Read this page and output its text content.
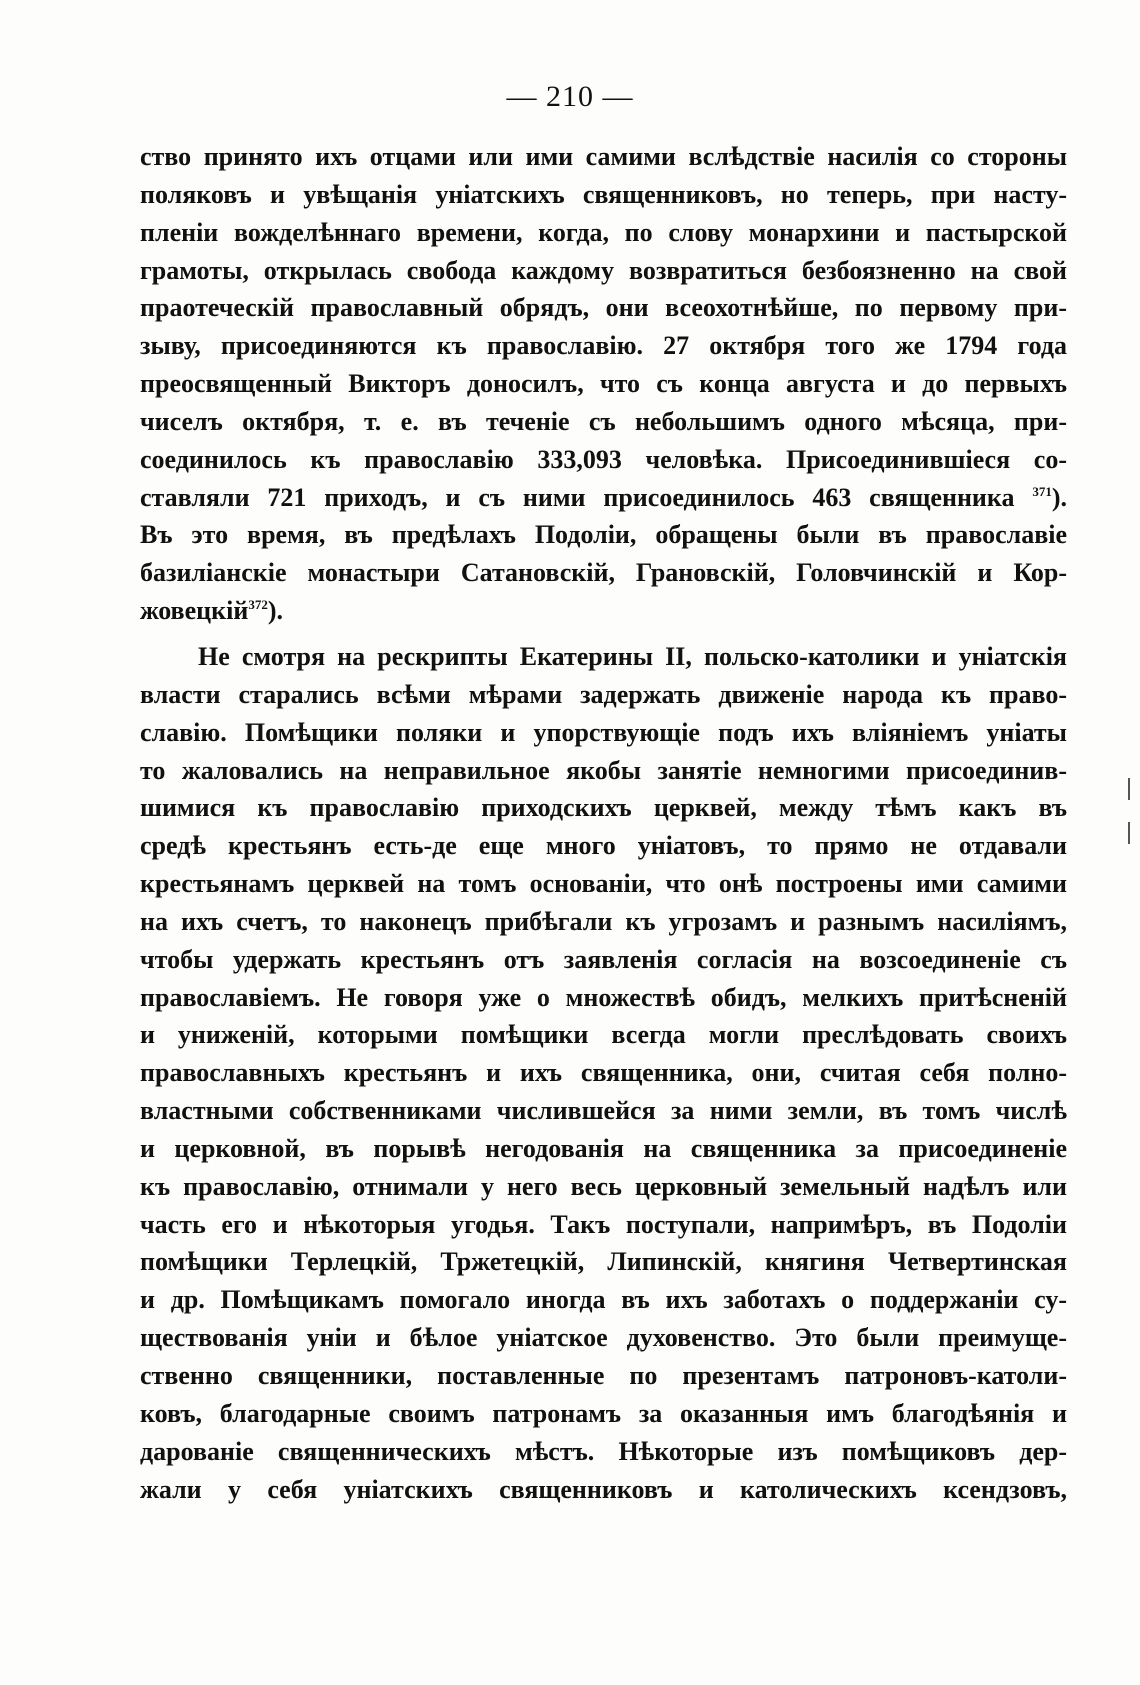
— 210 —
ство принято ихъ отцами или ими самими вслѣдствіе насилія со стороны
поляковъ и увѣщанія уніатскихъ священниковъ, но теперь, при насту-
пленіи вожделѣннаго времени, когда, по слову монархини и пастырской
грамоты, открылась свобода каждому возвратиться безбоязненно на свой
праотеческій православный обрядъ, они всеохотнѣйше, по первому при-
зыву, присоединяются къ православію. 27 октября того же 1794 года
преосвященный Викторъ доносилъ, что съ конца августа и до первыхъ
чиселъ октября, т. е. въ теченіе съ небольшимъ одного мѣсяца, при-
соединилось къ православію 333,093 человѣка. Присоединившіеся со-
ставляли 721 приходъ, и съ ними присоединилось 463 священника $^{371}$).
Въ это время, въ предѣлахъ Подоліи, обращены были въ православіе
базиліанскіе монастыри Сатановскій, Грановскій, Головчинскій и Кор-
жовецкій$^{372}$).
Не смотря на рескрипты Екатерины II, польско-католики и уніатскія
власти старались всѣми мѣрами задержать движеніе народа къ право-
славію. Помѣщики поляки и упорствующіе подъ ихъ вліяніемъ уніаты
то жаловались на неправильное якобы занятіе немногими присоединив-
шимися къ православію приходскихъ церквей, между тѣмъ какъ въ
средѣ крестьянъ есть-де еще много уніатовъ, то прямо не отдавали
крестьянамъ церквей на томъ основаніи, что онѣ построены ими самими
на ихъ счетъ, то наконецъ прибѣгали къ угрозамъ и разнымъ насиліямъ,
чтобы удержать крестьянъ отъ заявленія согласія на возсоединеніе съ
православіемъ. Не говоря уже о множествѣ обидъ, мелкихъ притѣсненій
и униженій, которыми помѣщики всегда могли преслѣдовать своихъ
православныхъ крестьянъ и ихъ священника, они, считая себя полно-
властными собственниками числившейся за ними земли, въ томъ числѣ
и церковной, въ порывѣ негодованія на священника за присоединеніе
къ православію, отнимали у него весь церковный земельный надѣлъ или
часть его и нѣкоторыя угодья. Такъ поступали, напримѣръ, въ Подоліи
помѣщики Терлецкій, Тржетецкій, Липинскій, княгиня Четвертинская
и др. Помѣщикамъ помогало иногда въ ихъ заботахъ о поддержаніи су-
ществованія уніи и бѣлое уніатское духовенство. Это были преимуще-
ственно священники, поставленные по презентамъ патроновъ-католи-
ковъ, благодарные своимъ патронамъ за оказанныя имъ благодѣянія и
дарованіе священническихъ мѣстъ. Нѣкоторые изъ помѣщиковъ дер-
жали у себя уніатскихъ священниковъ и католическихъ ксендзовъ,
